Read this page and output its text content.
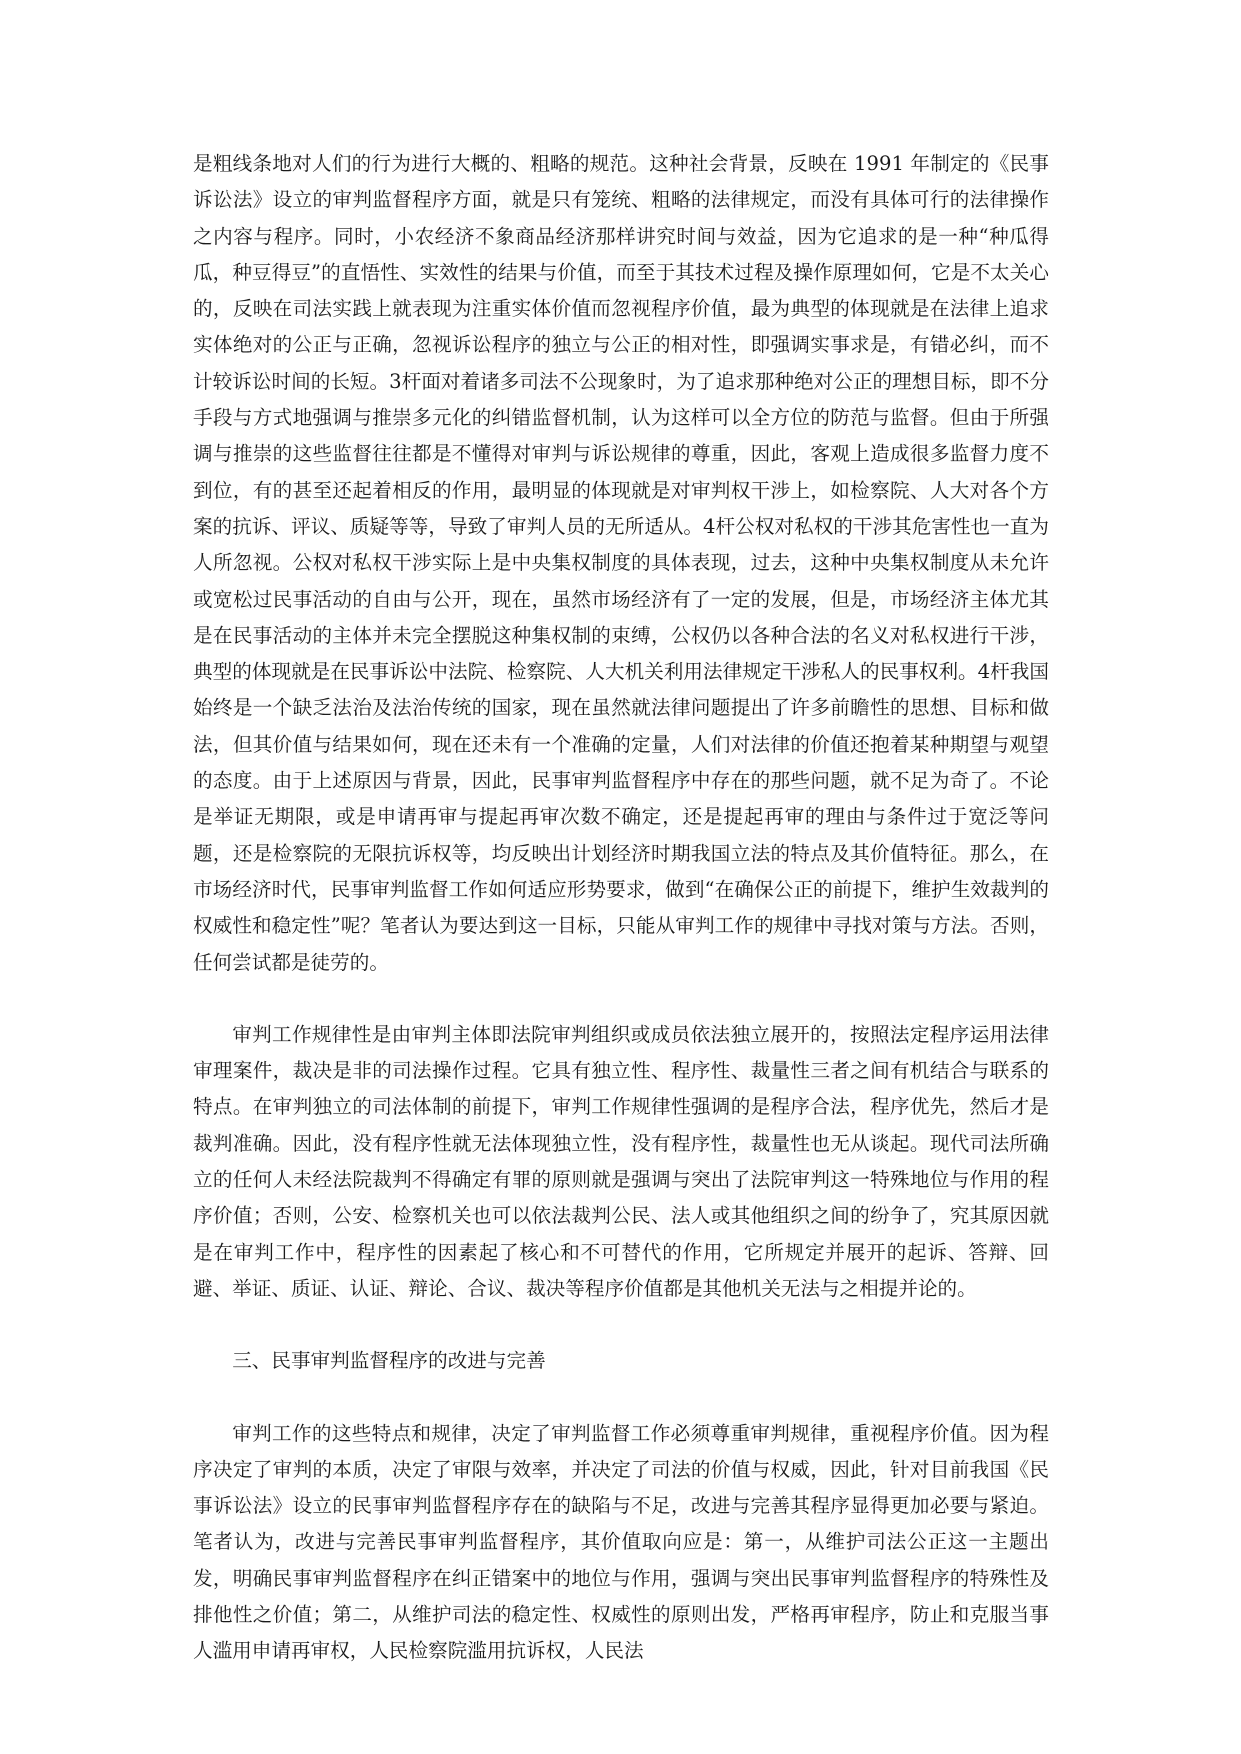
是粗线条地对人们的行为进行大概的、粗略的规范。这种社会背景，反映在 1991 年制定的《民事诉讼法》设立的审判监督程序方面，就是只有笼统、粗略的法律规定，而没有具体可行的法律操作之内容与程序。同时，小农经济不象商品经济那样讲究时间与效益，因为它追求的是一种“种瓜得瓜，种豆得豆”的直悟性、实效性的结果与价值，而至于其技术过程及操作原理如何，它是不太关心的，反映在司法实践上就表现为注重实体价值而忽视程序价值，最为典型的体现就是在法律上追求实体绝对的公正与正确，忽视诉讼程序的独立与公正的相对性，即强调实事求是，有错必纠，而不计较诉讼时间的长短。3杆面对着诸多司法不公现象时，为了追求那种绝对公正的理想目标，即不分手段与方式地强调与推崇多元化的纠错监督机制，认为这样可以全方位的防范与监督。但由于所强调与推崇的这些监督往往都是不懂得对审判与诉讼规律的尊重，因此，客观上造成很多监督力度不到位，有的甚至还起着相反的作用，最明显的体现就是对审判权干涉上，如检察院、人大对各个方案的抗诉、评议、质疑等等，导致了审判人员的无所适从。4杆公权对私权的干涉其危害性也一直为人所忽视。公权对私权干涉实际上是中央集权制度的具体表现，过去，这种中央集权制度从未允许或宽松过民事活动的自由与公开，现在，虽然市场经济有了一定的发展，但是，市场经济主体尤其是在民事活动的主体并未完全摆脱这种集权制的束缚，公权仍以各种合法的名义对私权进行干涉，典型的体现就是在民事诉讼中法院、检察院、人大机关利用法律规定干涉私人的民事权利。4杆我国始终是一个缺乏法治及法治传统的国家，现在虽然就法律问题提出了许多前瞻性的思想、目标和做法，但其价值与结果如何，现在还未有一个准确的定量，人们对法律的价值还抱着某种期望与观望的态度。由于上述原因与背景，因此，民事审判监督程序中存在的那些问题，就不足为奇了。不论是举证无期限，或是申请再审与提起再审次数不确定，还是提起再审的理由与条件过于宽泛等问题，还是检察院的无限抗诉权等，均反映出计划经济时期我国立法的特点及其价值特征。那么，在市场经济时代，民事审判监督工作如何适应形势要求，做到“在确保公正的前提下，维护生效裁判的权威性和稳定性”呢？笔者认为要达到这一目标，只能从审判工作的规律中寻找对策与方法。否则，任何尝试都是徒劳的。

审判工作规律性是由审判主体即法院审判组织或成员依法独立展开的，按照法定程序运用法律审理案件，裁决是非的司法操作过程。它具有独立性、程序性、裁量性三者之间有机结合与联系的特点。在审判独立的司法体制的前提下，审判工作规律性强调的是程序合法，程序优先，然后才是裁判准确。因此，没有程序性就无法体现独立性，没有程序性，裁量性也无从谈起。现代司法所确立的任何人未经法院裁判不得确定有罪的原则就是强调与突出了法院审判这一特殊地位与作用的程序价值；否则，公安、检察机关也可以依法裁判公民、法人或其他组织之间的纷争了，究其原因就是在审判工作中，程序性的因素起了核心和不可替代的作用，它所规定并展开的起诉、答辩、回避、举证、质证、认证、辩论、合议、裁决等程序价值都是其他机关无法与之相提并论的。

三、民事审判监督程序的改进与完善

审判工作的这些特点和规律，决定了审判监督工作必须尊重审判规律，重视程序价值。因为程序决定了审判的本质，决定了审限与效率，并决定了司法的价值与权威，因此，针对目前我国《民事诉讼法》设立的民事审判监督程序存在的缺陷与不足，改进与完善其程序显得更加必要与紧迫。笔者认为，改进与完善民事审判监督程序，其价值取向应是：第一，从维护司法公正这一主题出发，明确民事审判监督程序在纠正错案中的地位与作用，强调与突出民事审判监督程序的特殊性及排他性之价值；第二，从维护司法的稳定性、权威性的原则出发，严格再审程序，防止和克服当事人滥用申请再审权，人民检察院滥用抗诉权，人民法
